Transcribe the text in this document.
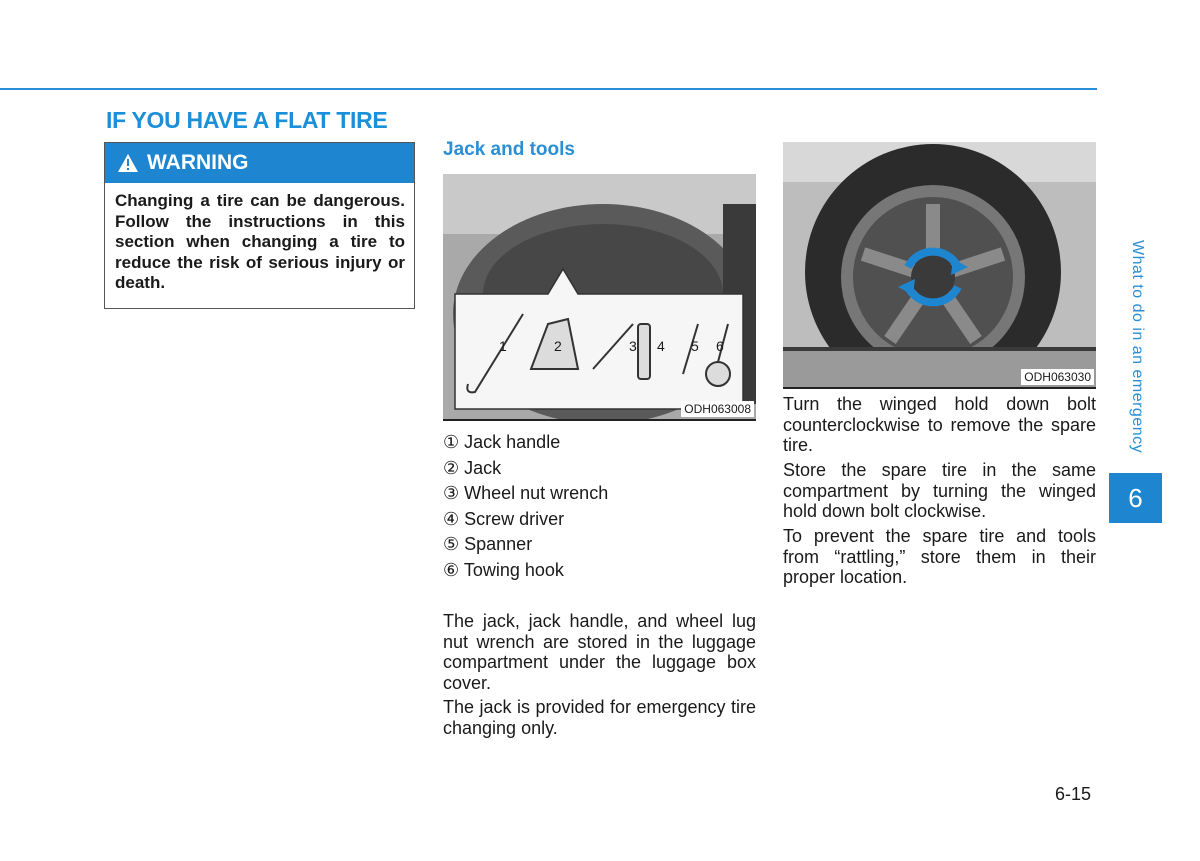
IF YOU HAVE A FLAT TIRE
WARNING
Changing a tire can be dangerous. Follow the instructions in this section when changing a tire to reduce the risk of serious injury or death.
Jack and tools
1	2	3 4 5 6
ODH063008
① Jack handle
② Jack
③ Wheel nut wrench
④ Screw driver
⑤ Spanner
⑥ Towing hook

The jack, jack handle, and wheel lug nut wrench are stored in the luggage compartment under the luggage box cover.

The jack is provided for emergency tire changing only.

ODH063030

Turn the winged hold down bolt counterclockwise to remove the spare tire.

Store the spare tire in the same compartment by turning the winged hold down bolt clockwise.

To prevent the spare tire and tools from “rattling,” store them in their proper location.

What to do in an emergency
6
6-15
